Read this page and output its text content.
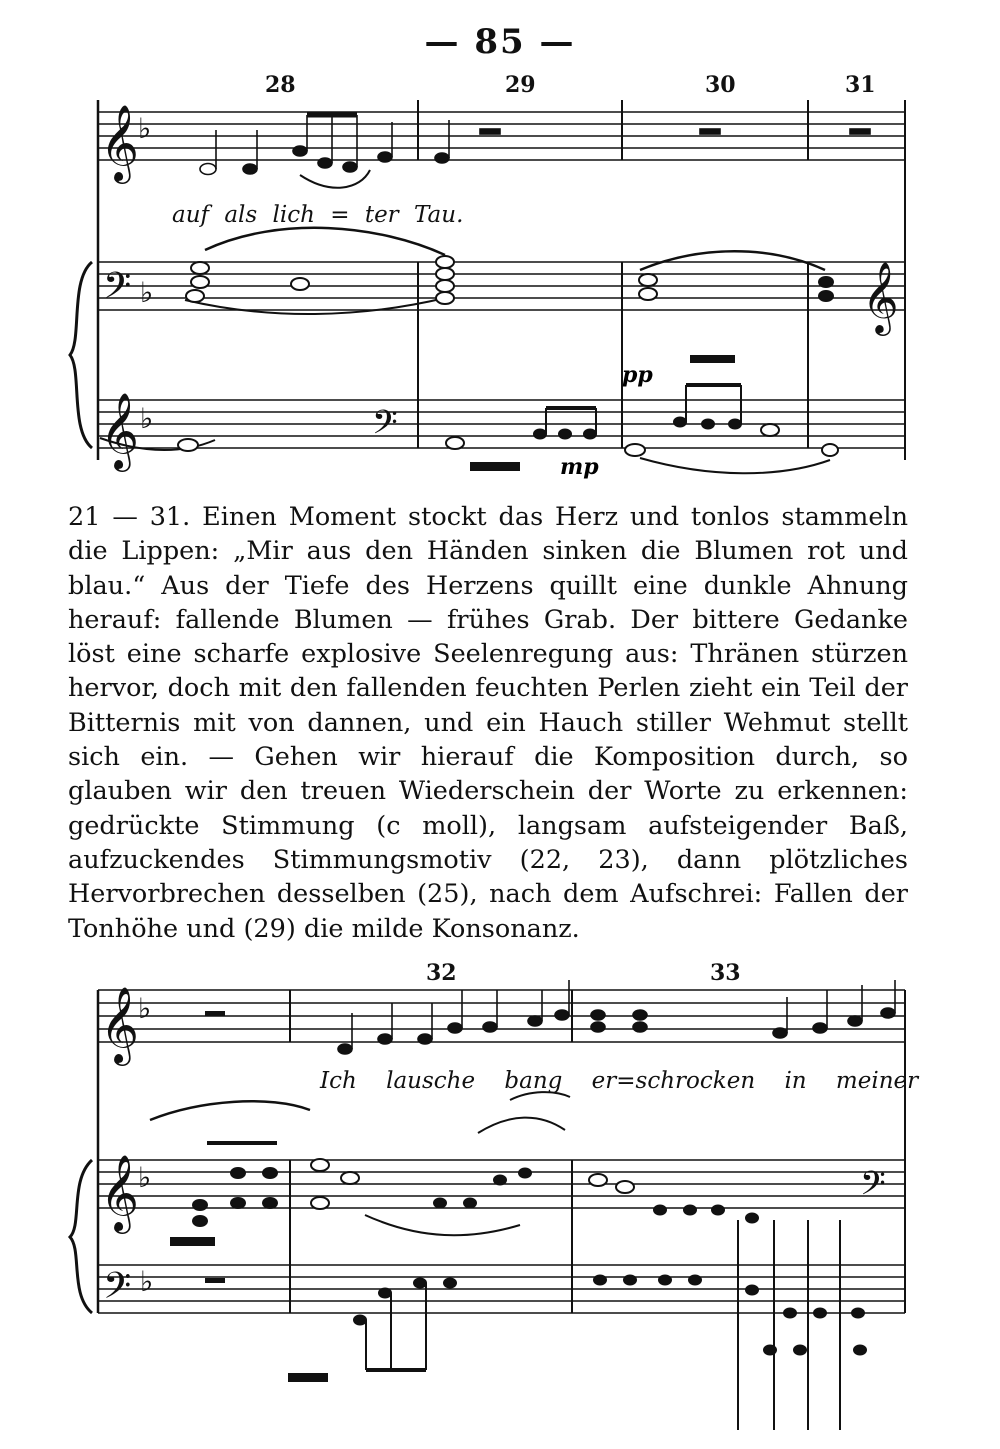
— 85 —
28	29	30	31
𝄞
𝄢
𝄞	𝄢
𝄞
♭
♭
♭
pp
mp
auf als lich = ter Tau.

21 — 31. Einen Moment stockt das Herz und tonlos stammeln die Lippen: „Mir aus den Händen sinken die Blumen rot und blau.“ Aus der Tiefe des Herzens quillt eine dunkle Ahnung herauf: fallende Blumen — frühes Grab. Der bittere Gedanke löst eine scharfe explosive Seelenregung aus: Thränen stürzen hervor, doch mit den fallenden feuchten Perlen zieht ein Teil der Bitternis mit von dannen, und ein Hauch stiller Wehmut stellt sich ein. — Gehen wir hierauf die Komposition durch, so glauben wir den treuen Wiederschein der Worte zu erkennen: gedrückte Stimmung (c moll), langsam aufsteigender Baß, aufzuckendes Stimmungsmotiv (22, 23), dann plötzliches Hervorbrechen desselben (25), nach dem Aufschrei: Fallen der Tonhöhe und (29) die milde Konsonanz.

32	33
𝄞
♭
𝄞
♭
𝄢 ♭
𝄢
Ich lausche bang er=schrocken in meiner
